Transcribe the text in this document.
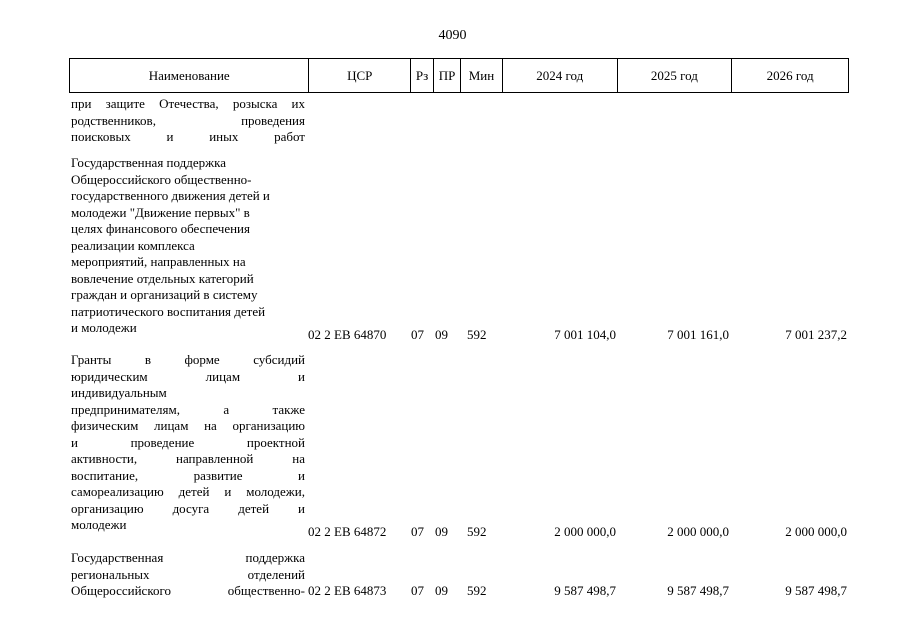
4090
Наименование	ЦСР	Рз ПР	Мин	2024 год	2025 год	2026 год
при защите Отечества, розыска их
родственников, проведения
поисковых и иных работ
Государственная поддержка
Общероссийского общественно-
государственного движения детей и
молодежи "Движение первых" в
целях финансового обеспечения
реализации комплекса
мероприятий, направленных на
вовлечение отдельных категорий
граждан и организаций в систему
патриотического воспитания детей
и молодежи	02 2 ЕВ 64870 07 09 592	7 001 104,0	7 001 161,0	7 001 237,2
Гранты в форме субсидий
юридическим лицам и
индивидуальным
предпринимателям, а также
физическим лицам на организацию
и проведение проектной
активности, направленной на
воспитание, развитие и
самореализацию детей и молодежи,
организацию досуга детей и
молодежи	02 2 ЕВ 64872 07 09 592	2 000 000,0	2 000 000,0	2 000 000,0
Государственная поддержка
региональных отделений
Общероссийского общественно- 02 2 ЕВ 64873 07 09 592	9 587 498,7	9 587 498,7	9 587 498,7
